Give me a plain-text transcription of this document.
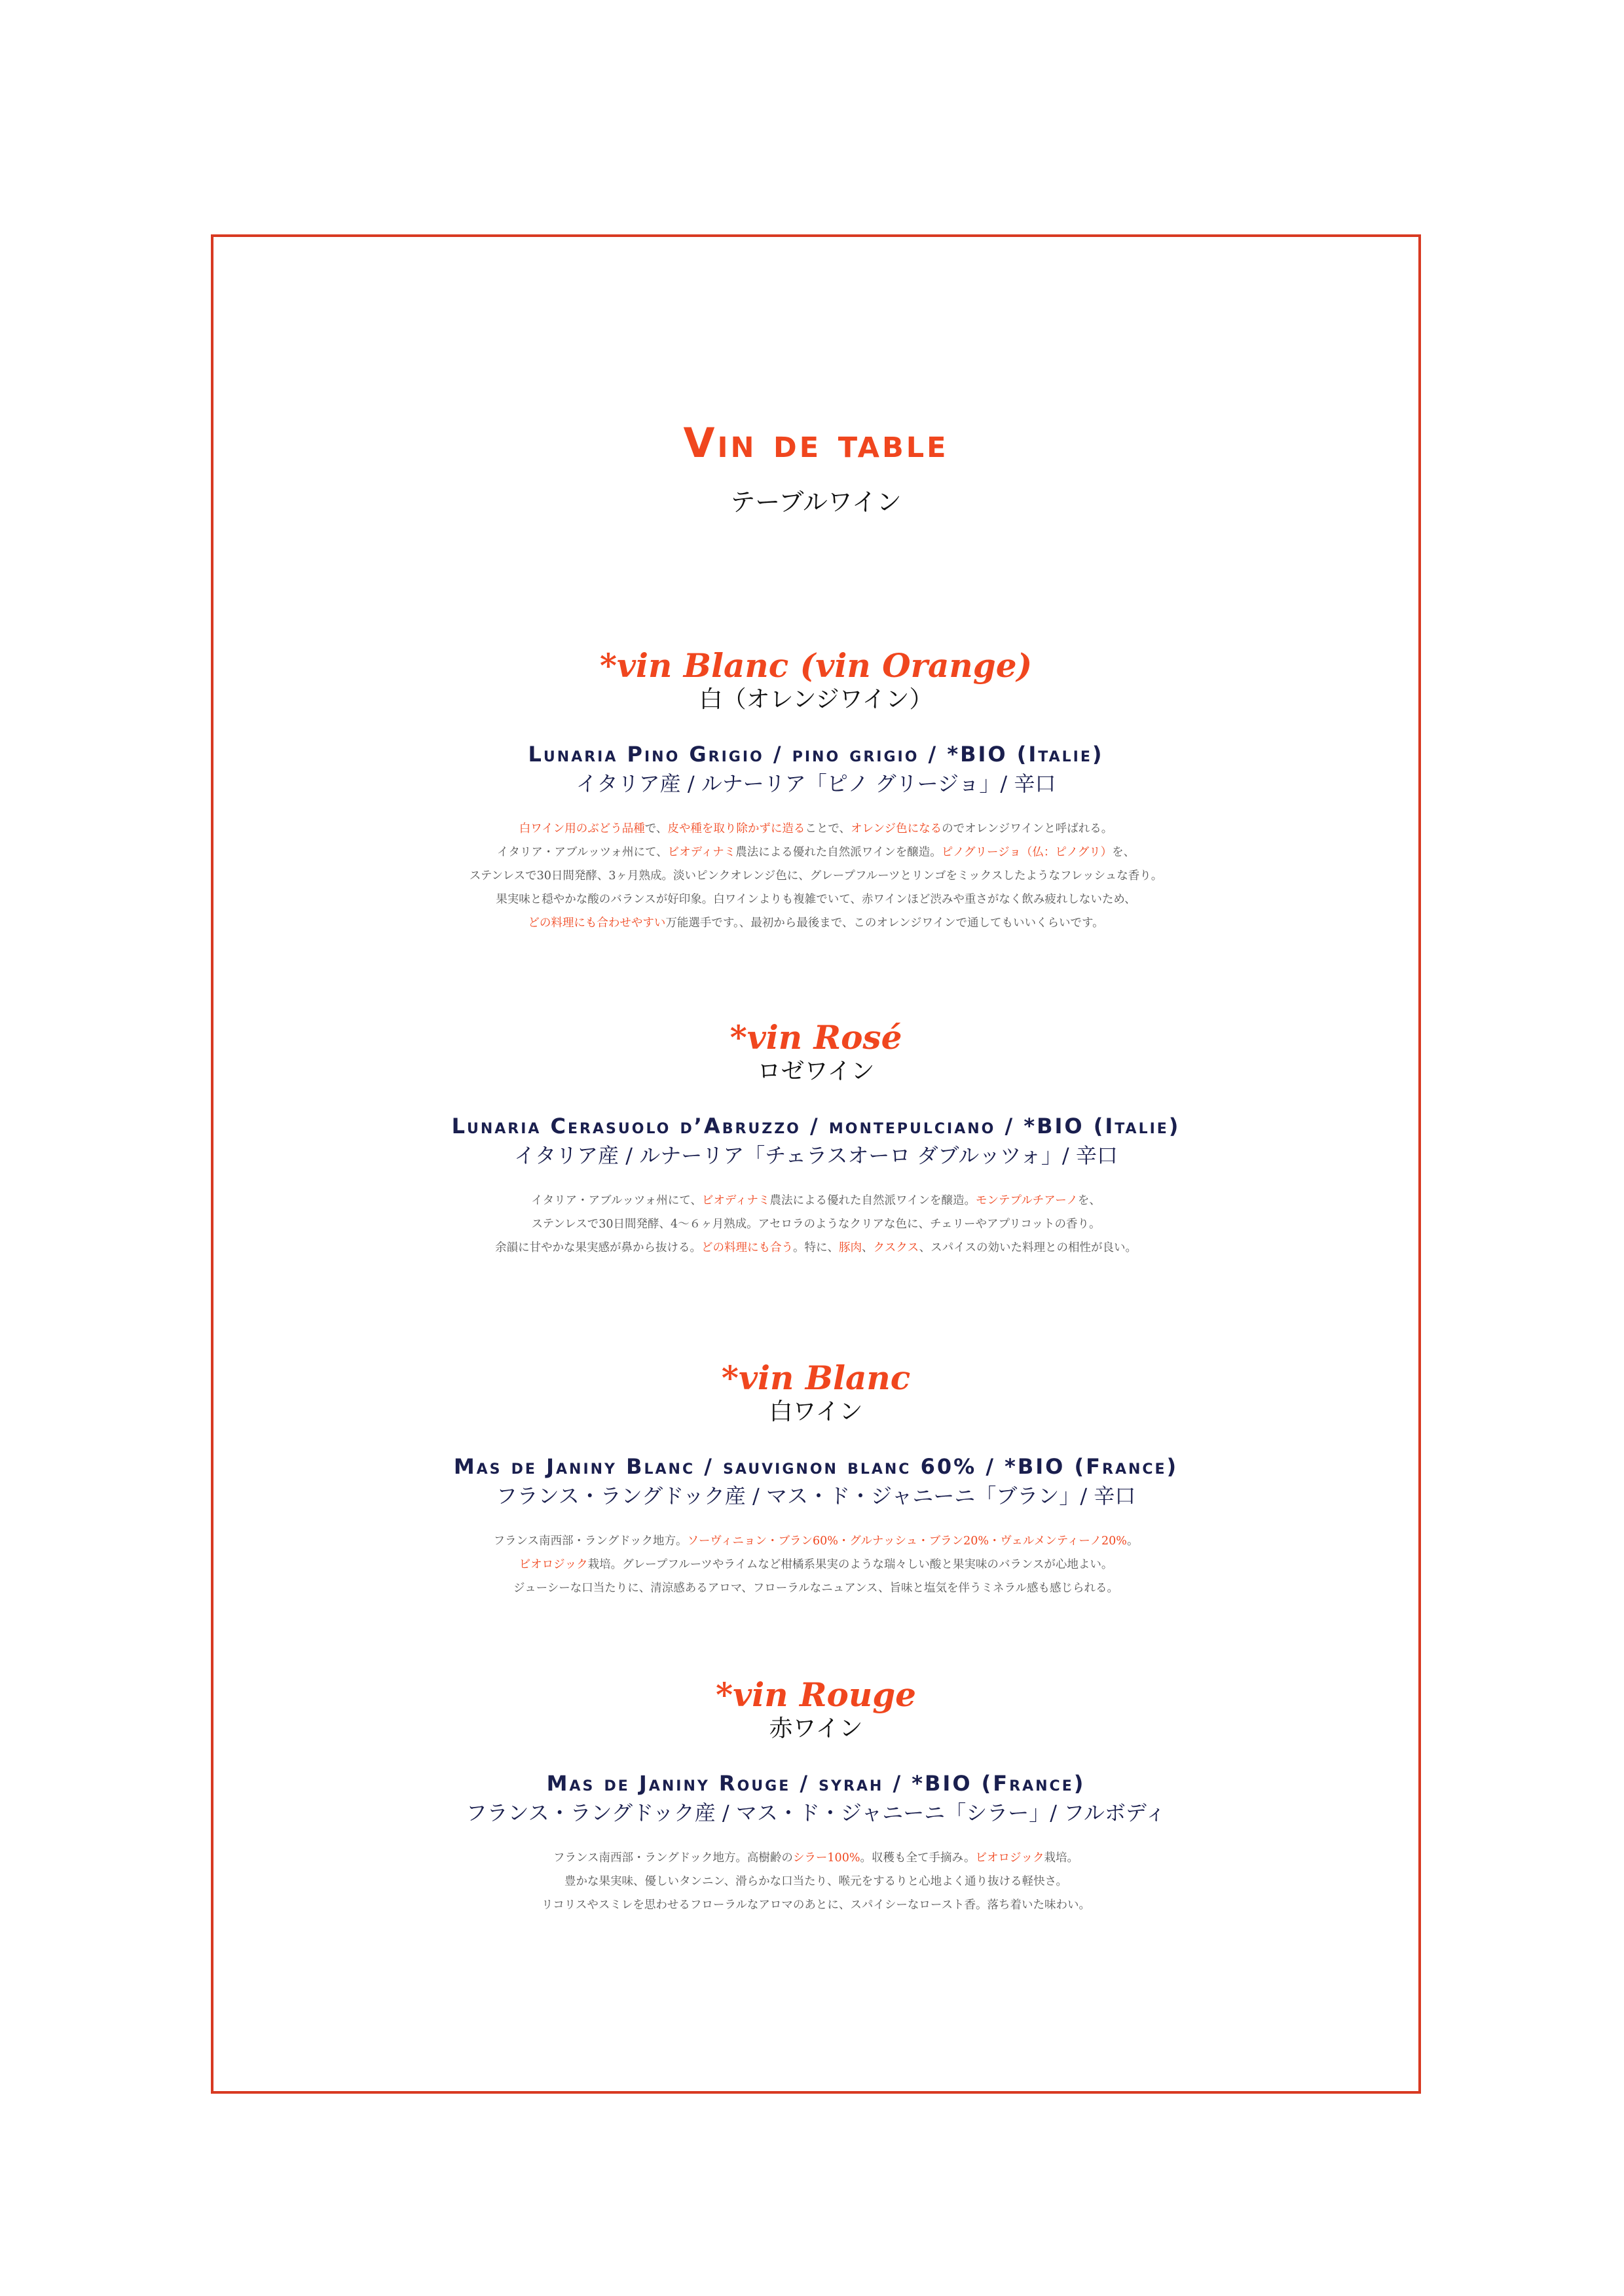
Vin de table

テーブルワイン

*vin Blanc (vin Orange)

白（オレンジワイン）

Lunaria Pino Grigio / pino grigio / *BIO (Italie)

イタリア産 / ルナーリア「ピノ グリージョ」/ 辛口

白ワイン用のぶどう品種で、皮や種を取り除かずに造ることで、オレンジ色になるのでオレンジワインと呼ばれる。
イタリア・アブルッツォ州にて、ビオディナミ農法による優れた自然派ワインを醸造。ピノグリージョ（仏：ピノグリ）を、
ステンレスで30日間発酵、3ヶ月熟成。淡いピンクオレンジ色に、グレープフルーツとリンゴをミックスしたようなフレッシュな香り。
果実味と穏やかな酸のバランスが好印象。白ワインよりも複雑でいて、赤ワインほど渋みや重さがなく飲み疲れしないため、
どの料理にも合わせやすい万能選手です。、最初から最後まで、このオレンジワインで通してもいいくらいです。
*vin Rosé

ロゼワイン

Lunaria Cerasuolo d’Abruzzo / montepulciano / *BIO (Italie)

イタリア産 / ルナーリア「チェラスオーロ ダブルッツォ」/ 辛口

イタリア・アブルッツォ州にて、ビオディナミ農法による優れた自然派ワインを醸造。モンテプルチアーノを、
ステンレスで30日間発酵、4〜６ヶ月熟成。アセロラのようなクリアな色に、チェリーやアプリコットの香り。
余韻に甘やかな果実感が鼻から抜ける。どの料理にも合う。特に、豚肉、クスクス、スパイスの効いた料理との相性が良い。
*vin Blanc

白ワイン

Mas de Janiny Blanc / sauvignon blanc 60% / *BIO (France)

フランス・ラングドック産 / マス・ド・ジャニーニ「ブラン」/ 辛口

フランス南西部・ラングドック地方。ソーヴィニョン・ブラン60%・グルナッシュ・ブラン20%・ヴェルメンティーノ20%。
ビオロジック栽培。グレープフルーツやライムなど柑橘系果実のような瑞々しい酸と果実味のバランスが心地よい。
ジューシーな口当たりに、清涼感あるアロマ、フローラルなニュアンス、旨味と塩気を伴うミネラル感も感じられる。
*vin Rouge

赤ワイン

Mas de Janiny Rouge / syrah / *BIO (France)

フランス・ラングドック産 / マス・ド・ジャニーニ「シラー」/ フルボディ

フランス南西部・ラングドック地方。高樹齢のシラー100%。収穫も全て手摘み。ビオロジック栽培。
豊かな果実味、優しいタンニン、滑らかな口当たり、喉元をするりと心地よく通り抜ける軽快さ。
リコリスやスミレを思わせるフローラルなアロマのあとに、スパイシーなロースト香。落ち着いた味わい。
